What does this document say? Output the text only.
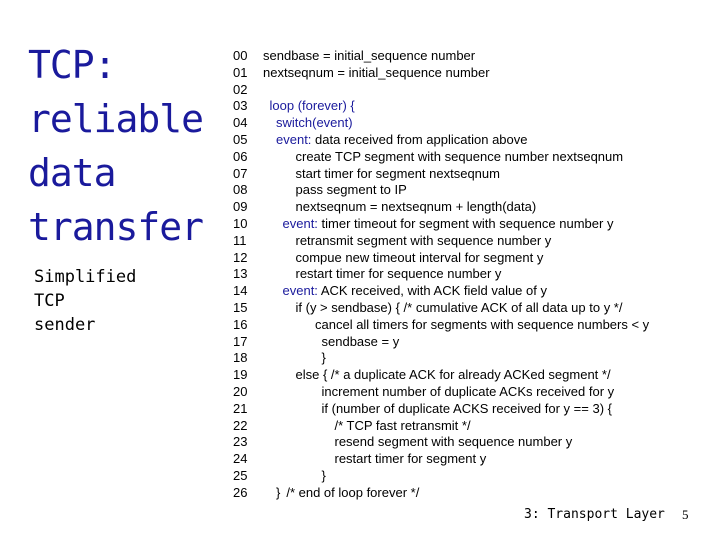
TCP:
reliable
data
transfer
Simplified
TCP
sender
00 sendbase = initial_sequence number
01 nextseqnum = initial_sequence number
02
03 loop (forever) {
04 switch(event)
05 event: data received from application above
06	create TCP segment with sequence number nextseqnum
07	start timer for segment nextseqnum
08	pass segment to IP
09	nextseqnum = nextseqnum + length(data)
10	event: timer timeout for segment with sequence number y
11	retransmit segment with sequence number y
12	compue new timeout interval for segment y
13	restart timer for sequence number y
14	event: ACK received, with ACK field value of y
15	if (y > sendbase) { /* cumulative ACK of all data up to y */
16	cancel all timers for segments with sequence numbers < y
17	sendbase = y
18	}
19	else { /* a duplicate ACK for already ACKed segment */
20	increment number of duplicate ACKs received for y
21	if (number of duplicate ACKS received for y == 3) {
22	/* TCP fast retransmit */
23	resend segment with sequence number y
24	restart timer for segment y
25	}
26 } /* end of loop forever */
3: Transport Layer 5
